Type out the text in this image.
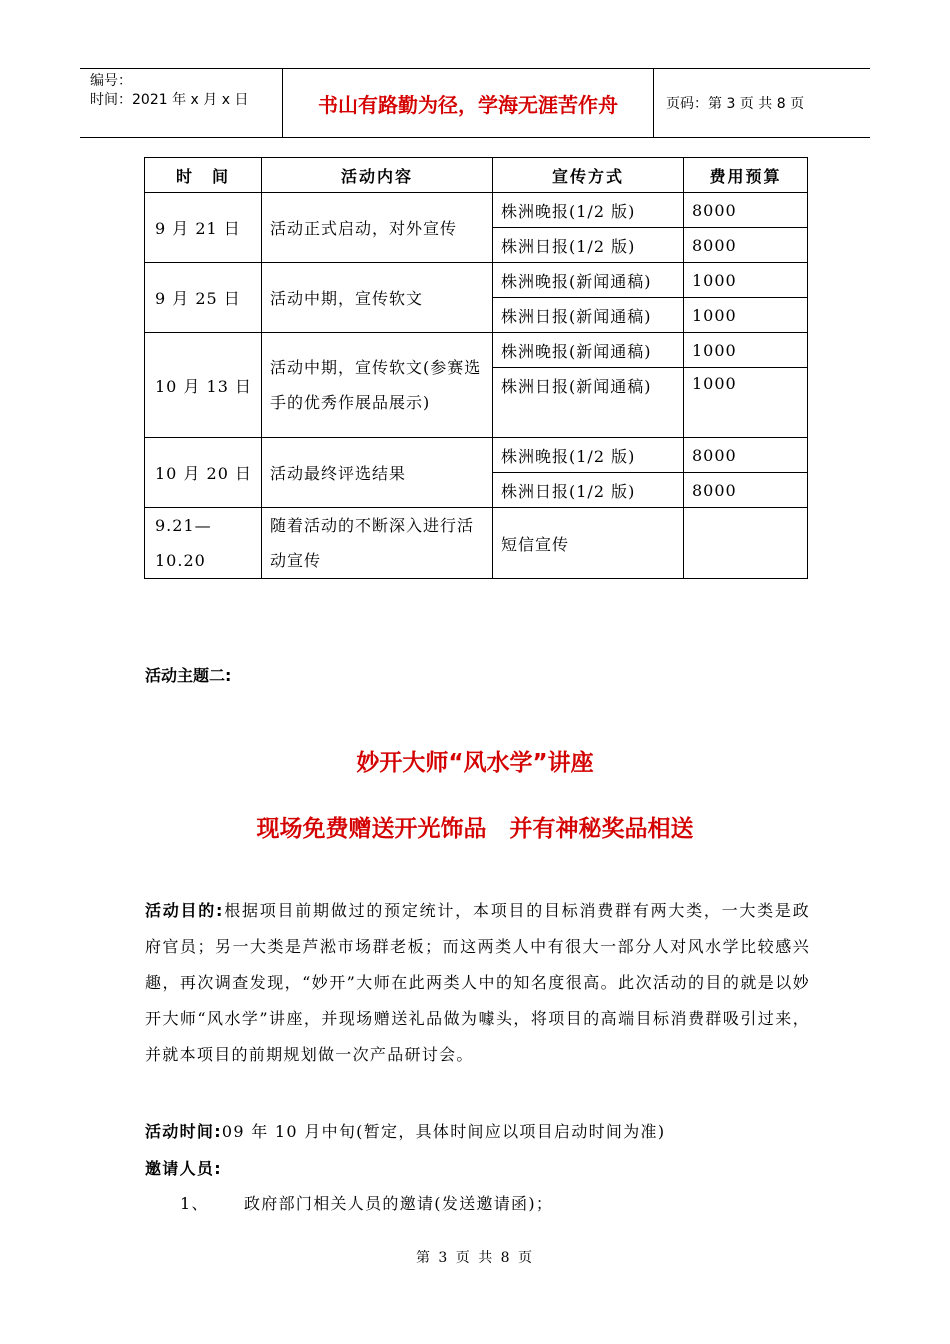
编号：
时间：2021 年 x 月 x 日	书山有路勤为径，学海无涯苦作舟	页码：第 3 页 共 8 页
时　间	活动内容	宣传方式	费用预算
9 月 21 日	活动正式启动，对外宣传	株洲晚报(1/2 版)	8000
		株洲日报(1/2 版)	8000
9 月 25 日	活动中期，宣传软文	株洲晚报(新闻通稿)	1000
		株洲日报(新闻通稿)	1000
10 月 13 日	活动中期，宣传软文(参赛选手的优秀作展品展示)	株洲晚报(新闻通稿)	1000
		株洲日报(新闻通稿)	1000
10 月 20 日	活动最终评选结果	株洲晚报(1/2 版)	8000
		株洲日报(1/2 版)	8000
9.21—10.20	随着活动的不断深入进行活动宣传	短信宣传	
活动主题二:
妙开大师“风水学”讲座
现场免费赠送开光饰品　并有神秘奖品相送
活动目的:根据项目前期做过的预定统计，本项目的目标消费群有两大类，一大类是政府官员；另一大类是芦淞市场群老板；而这两类人中有很大一部分人对风水学比较感兴趣，再次调查发现，“妙开”大师在此两类人中的知名度很高。此次活动的目的就是以妙开大师“风水学”讲座，并现场赠送礼品做为噱头，将项目的高端目标消费群吸引过来，并就本项目的前期规划做一次产品研讨会。
活动时间:09 年 10 月中旬(暂定，具体时间应以项目启动时间为准)
邀请人员:
1、 政府部门相关人员的邀请(发送邀请函)；
第 3 页 共 8 页
